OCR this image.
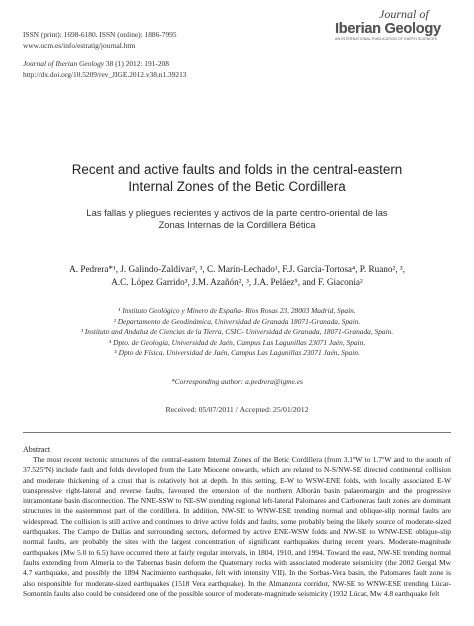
ISSN (print): 1698-6180. ISSN (online): 1886-7995
www.ucm.es/info/estratig/journal.htm
Journal of Iberian Geology 38 (1) 2012: 191-208
http://dx.doi.org/10.5209/rev_JIGE.2012.v38.n1.39213
Journal of
Iberian Geology
AN INTERNATIONAL PUBLICATION OF EARTH SCIENCES
Recent and active faults and folds in the central-eastern
Internal Zones of the Betic Cordillera
Las fallas y pliegues recientes y activos de la parte centro-oriental de las
Zonas Internas de la Cordillera Bética
A. Pedrera*¹, J. Galindo-Zaldívar², ³, C. Marín-Lechado¹, F.J. García-Tortosa⁴, P. Ruano², ³,
A.C. López Garrido³, J.M. Azañón², ³, J.A. Peláez⁵, and F. Giaconia²
¹ Instituto Geológico y Minero de España- Ríos Rosas 23, 28003 Madrid, Spain.
² Departamento de Geodinámica, Universidad de Granada 18071-Granada, Spain.
³ Instituto and Andaluz de Ciencias de la Tierra, CSIC- Universidad de Granada, 18071-Granada, Spain.
⁴ Dpto. de Geología, Universidad de Jaén, Campus Las Lagunillas 23071 Jaén, Spain.
⁵ Dpto de Física, Universidad de Jaén, Campus Las Lagunillas 23071 Jaén, Spain.
*Corresponding author: a.pedrera@igme.es
Received: 05/07/2011 / Accepted: 25/01/2012
Abstract
The most recent tectonic structures of the central-eastern Internal Zones of the Betic Cordillera (from 3.1ºW to 1.7ºW and to the south of 37.525ºN) include fault and folds developed from the Late Miocene onwards, which are related to N-S/NW-SE directed continental collision and moderate thickening of a crust that is relatively hot at depth. In this setting, E-W to WSW-ENE folds, with locally associated E-W transpressive right-lateral and reverse faults, favoured the emersion of the northern Alborán basin palaeomargin and the progressive intramontane basin disconnection. The NNE-SSW to NE-SW trending regional left-lateral Palomares and Carboneras fault zones are dominant structures in the easternmost part of the cordillera. In addition, NW-SE to WNW-ESE trending normal and oblique-slip normal faults are widespread. The collision is still active and continues to drive active folds and faults, some probably being the likely source of moderate-sized earthquakes. The Campo de Dalías and surrounding sectors, deformed by active ENE-WSW folds and NW-SE to WNW-ESE oblique-slip normal faults, are probably the sites with the largest concentration of significant earthquakes during recent years. Moderate-magnitude earthquakes (Mw 5.0 to 6.5) have occurred there at fairly regular intervals, in 1804, 1910, and 1994. Toward the east, NW-SE trending normal faults extending from Almería to the Tabernas basin deform the Quaternary rocks with associated moderate seismicity (the 2002 Gergal Mw 4.7 earthquake, and possibly the 1894 Nacimiento earthquake, felt with intensity VII). In the Sorbas-Vera basin, the Palomares fault zone is also responsible for moderate-sized earthquakes (1518 Vera earthquake). In the Almanzora corridor, NW-SE to WNW-ESE trending Lúcar-Somontín faults also could be considered one of the possible source of moderate-magnitude seismicity (1932 Lúcar, Mw 4.8 earthquake felt
